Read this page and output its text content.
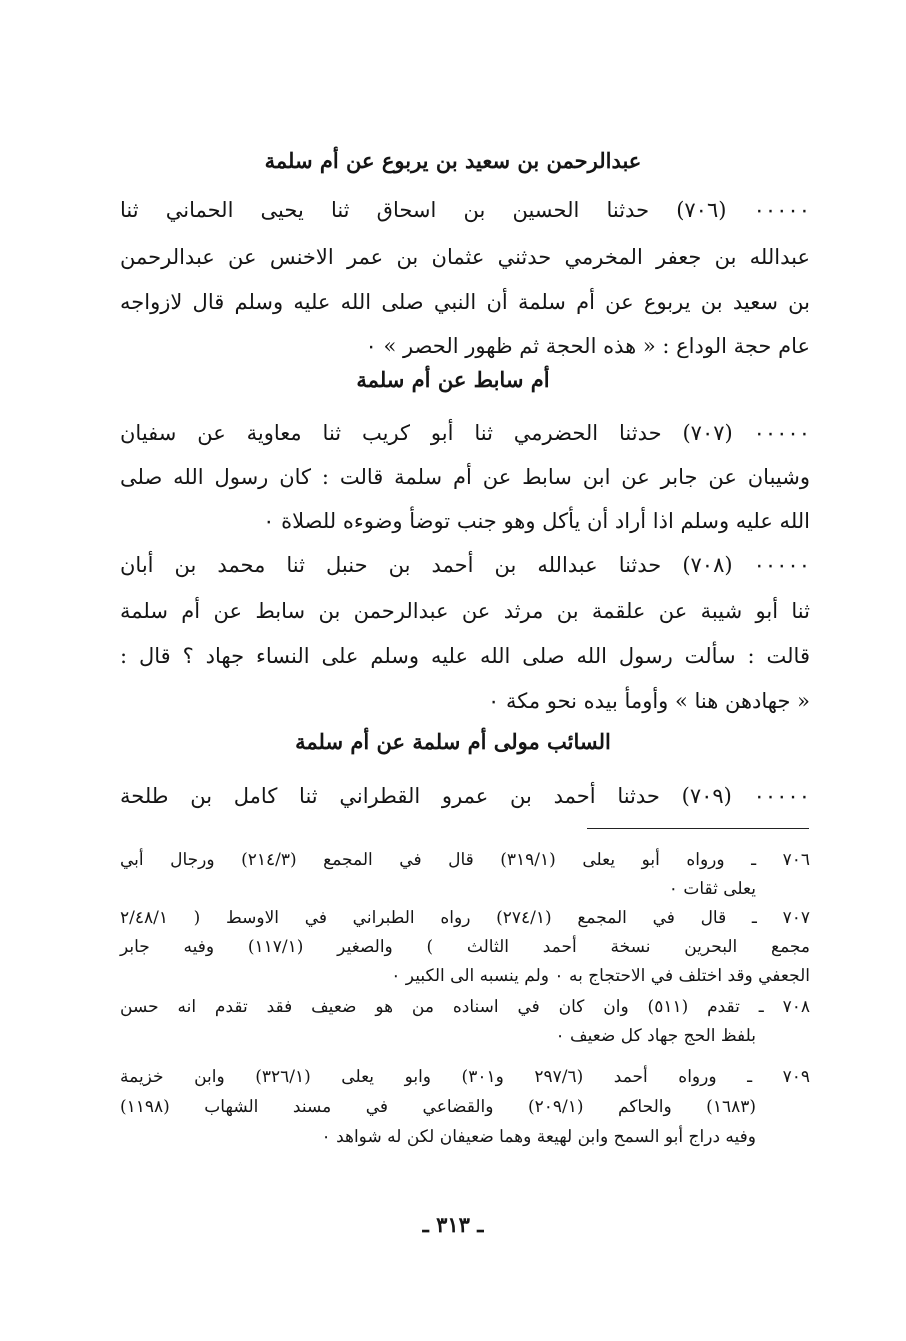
عبدالرحمن بن سعيد بن يربوع عن أم سلمة
٠٠٠٠٠ (٧٠٦) حدثنا الحسين بن اسحاق ثنا يحيى الحماني ثنا
عبدالله بن جعفر المخرمي حدثني عثمان بن عمر الاخنس عن عبدالرحمن
بن سعيد بن يربوع عن أم سلمة أن النبي صلى الله عليه وسلم قال لازواجه
عام حجة الوداع : « هذه الحجة ثم ظهور الحصر » ٠
أم سابط عن أم سلمة
٠٠٠٠٠ (٧٠٧) حدثنا الحضرمي ثنا أبو كريب ثنا معاوية عن سفيان
وشيبان عن جابر عن ابن سابط عن أم سلمة قالت : كان رسول الله صلى
الله عليه وسلم اذا أراد أن يأكل وهو جنب توضأ وضوءه للصلاة ٠
٠٠٠٠٠ (٧٠٨) حدثنا عبدالله بن أحمد بن حنبل ثنا محمد بن أبان
ثنا أبو شيبة عن علقمة بن مرثد عن عبدالرحمن بن سابط عن أم سلمة
قالت : سألت رسول الله صلى الله عليه وسلم على النساء جهاد ؟ قال :
« جهادهن هنا » وأومأ بيده نحو مكة ٠
السائب مولى أم سلمة عن أم سلمة
٠٠٠٠٠ (٧٠٩) حدثنا أحمد بن عمرو القطراني ثنا كامل بن طلحة
٧٠٦ ـ ورواه أبو يعلى (٣١٩/١) قال في المجمع (٢١٤/٣) ورجال أبي
يعلى ثقات ٠
٧٠٧ ـ قال في المجمع (٢٧٤/١) رواه الطبراني في الاوسط ( ٢/٤٨/١
مجمع البحرين نسخة أحمد الثالث ) والصغير (١١٧/١) وفيه جابر
الجعفي وقد اختلف في الاحتجاج به ٠ ولم ينسبه الى الكبير ٠
٧٠٨ ـ تقدم (٥١١) وان كان في اسناده من هو ضعيف فقد تقدم انه حسن
بلفظ الحج جهاد كل ضعيف ٠
٧٠٩ ـ ورواه أحمد (٢٩٧/٦ و٣٠١) وابو يعلى (٣٢٦/١) وابن خزيمة
(١٦٨٣) والحاكم (٢٠٩/١) والقضاعي في مسند الشهاب (١١٩٨)
وفيه دراج أبو السمح وابن لهيعة وهما ضعيفان لكن له شواهد ٠
ـ ٣١٣ ـ
